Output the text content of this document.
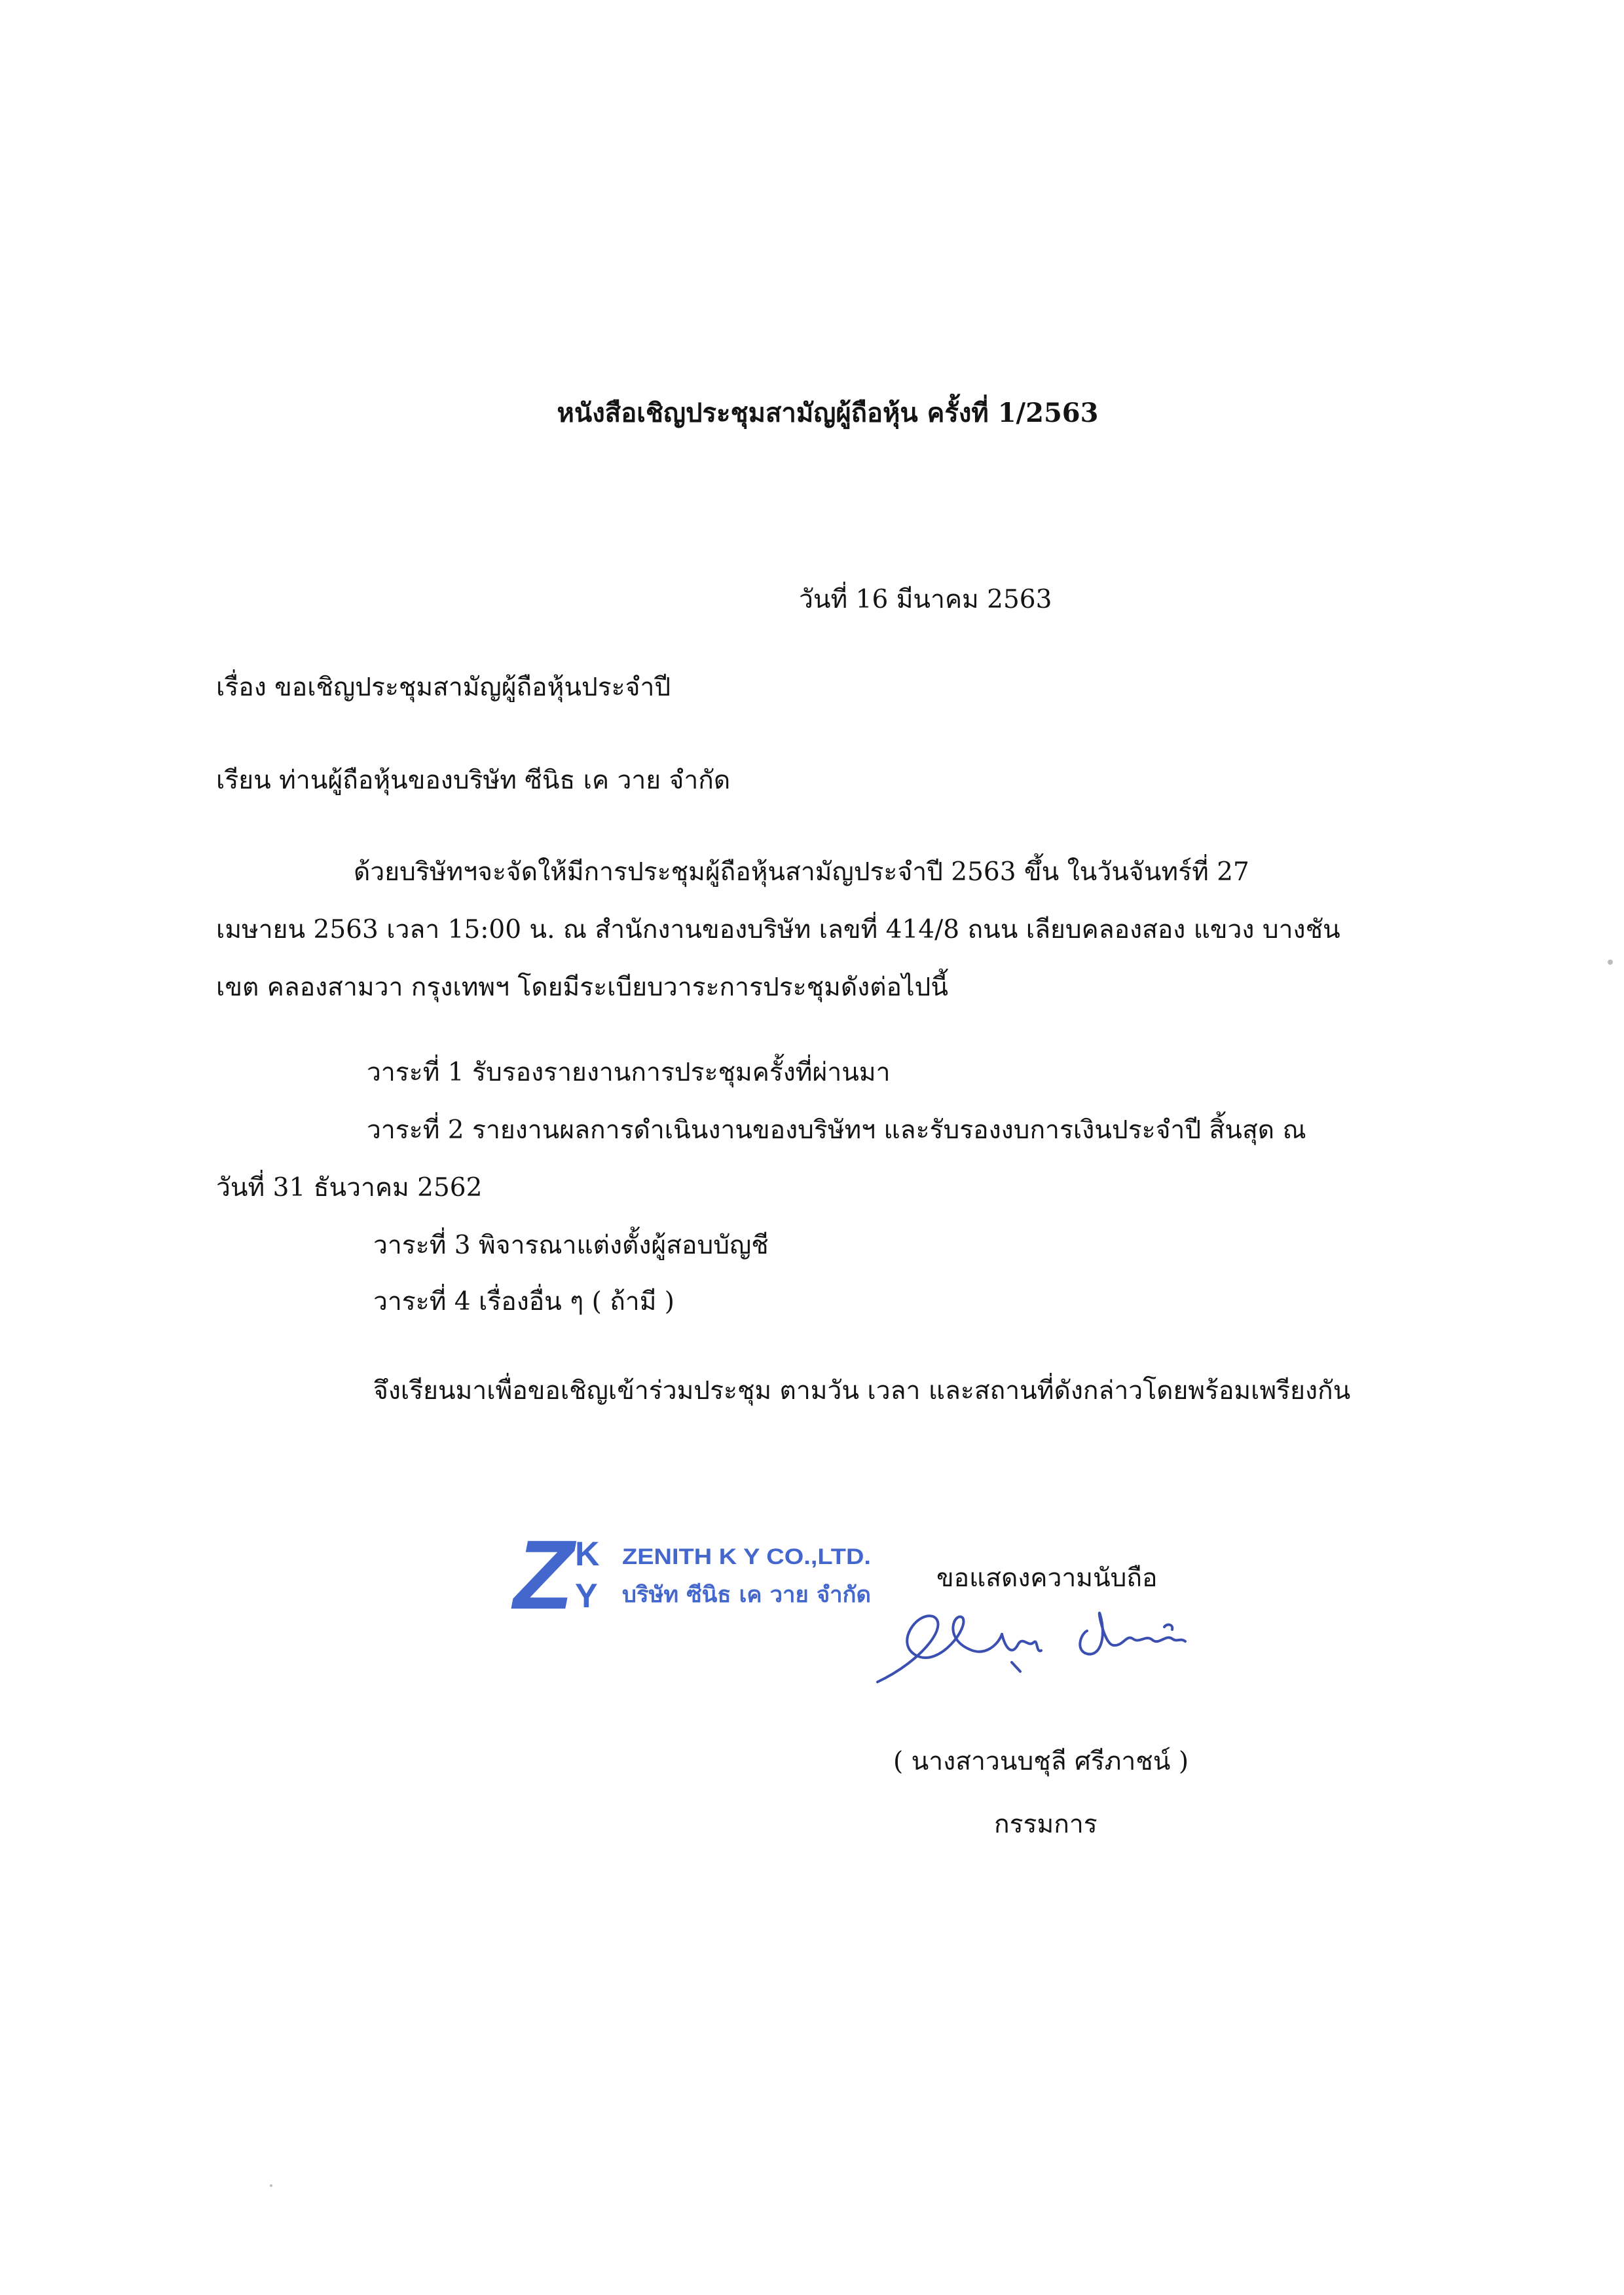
หนังสือเชิญประชุมสามัญผู้ถือหุ้น ครั้งที่ 1/2563
วันที่ 16 มีนาคม 2563
เรื่อง ขอเชิญประชุมสามัญผู้ถือหุ้นประจำปี
เรียน ท่านผู้ถือหุ้นของบริษัท ซีนิธ เค วาย จำกัด
ด้วยบริษัทฯจะจัดให้มีการประชุมผู้ถือหุ้นสามัญประจำปี 2563 ขึ้น ในวันจันทร์ที่ 27
เมษายน 2563 เวลา 15:00 น. ณ สำนักงานของบริษัท เลขที่ 414/8 ถนน เลียบคลองสอง แขวง บางชัน
เขต คลองสามวา กรุงเทพฯ โดยมีระเบียบวาระการประชุมดังต่อไปนี้
วาระที่ 1 รับรองรายงานการประชุมครั้งที่ผ่านมา
วาระที่ 2 รายงานผลการดำเนินงานของบริษัทฯ และรับรองงบการเงินประจำปี สิ้นสุด ณ
วันที่ 31 ธันวาคม 2562
วาระที่ 3 พิจารณาแต่งตั้งผู้สอบบัญชี
วาระที่ 4 เรื่องอื่น ๆ ( ถ้ามี )
จึงเรียนมาเพื่อขอเชิญเข้าร่วมประชุม ตามวัน เวลา และสถานที่ดังกล่าวโดยพร้อมเพรียงกัน
Z K
Y
ZENITH K Y CO.,LTD.
บริษัท ซีนิธ เค วาย จำกัด
ขอแสดงความนับถือ
( นางสาวนบชุลี ศรีภาชน์ )
กรรมการ
